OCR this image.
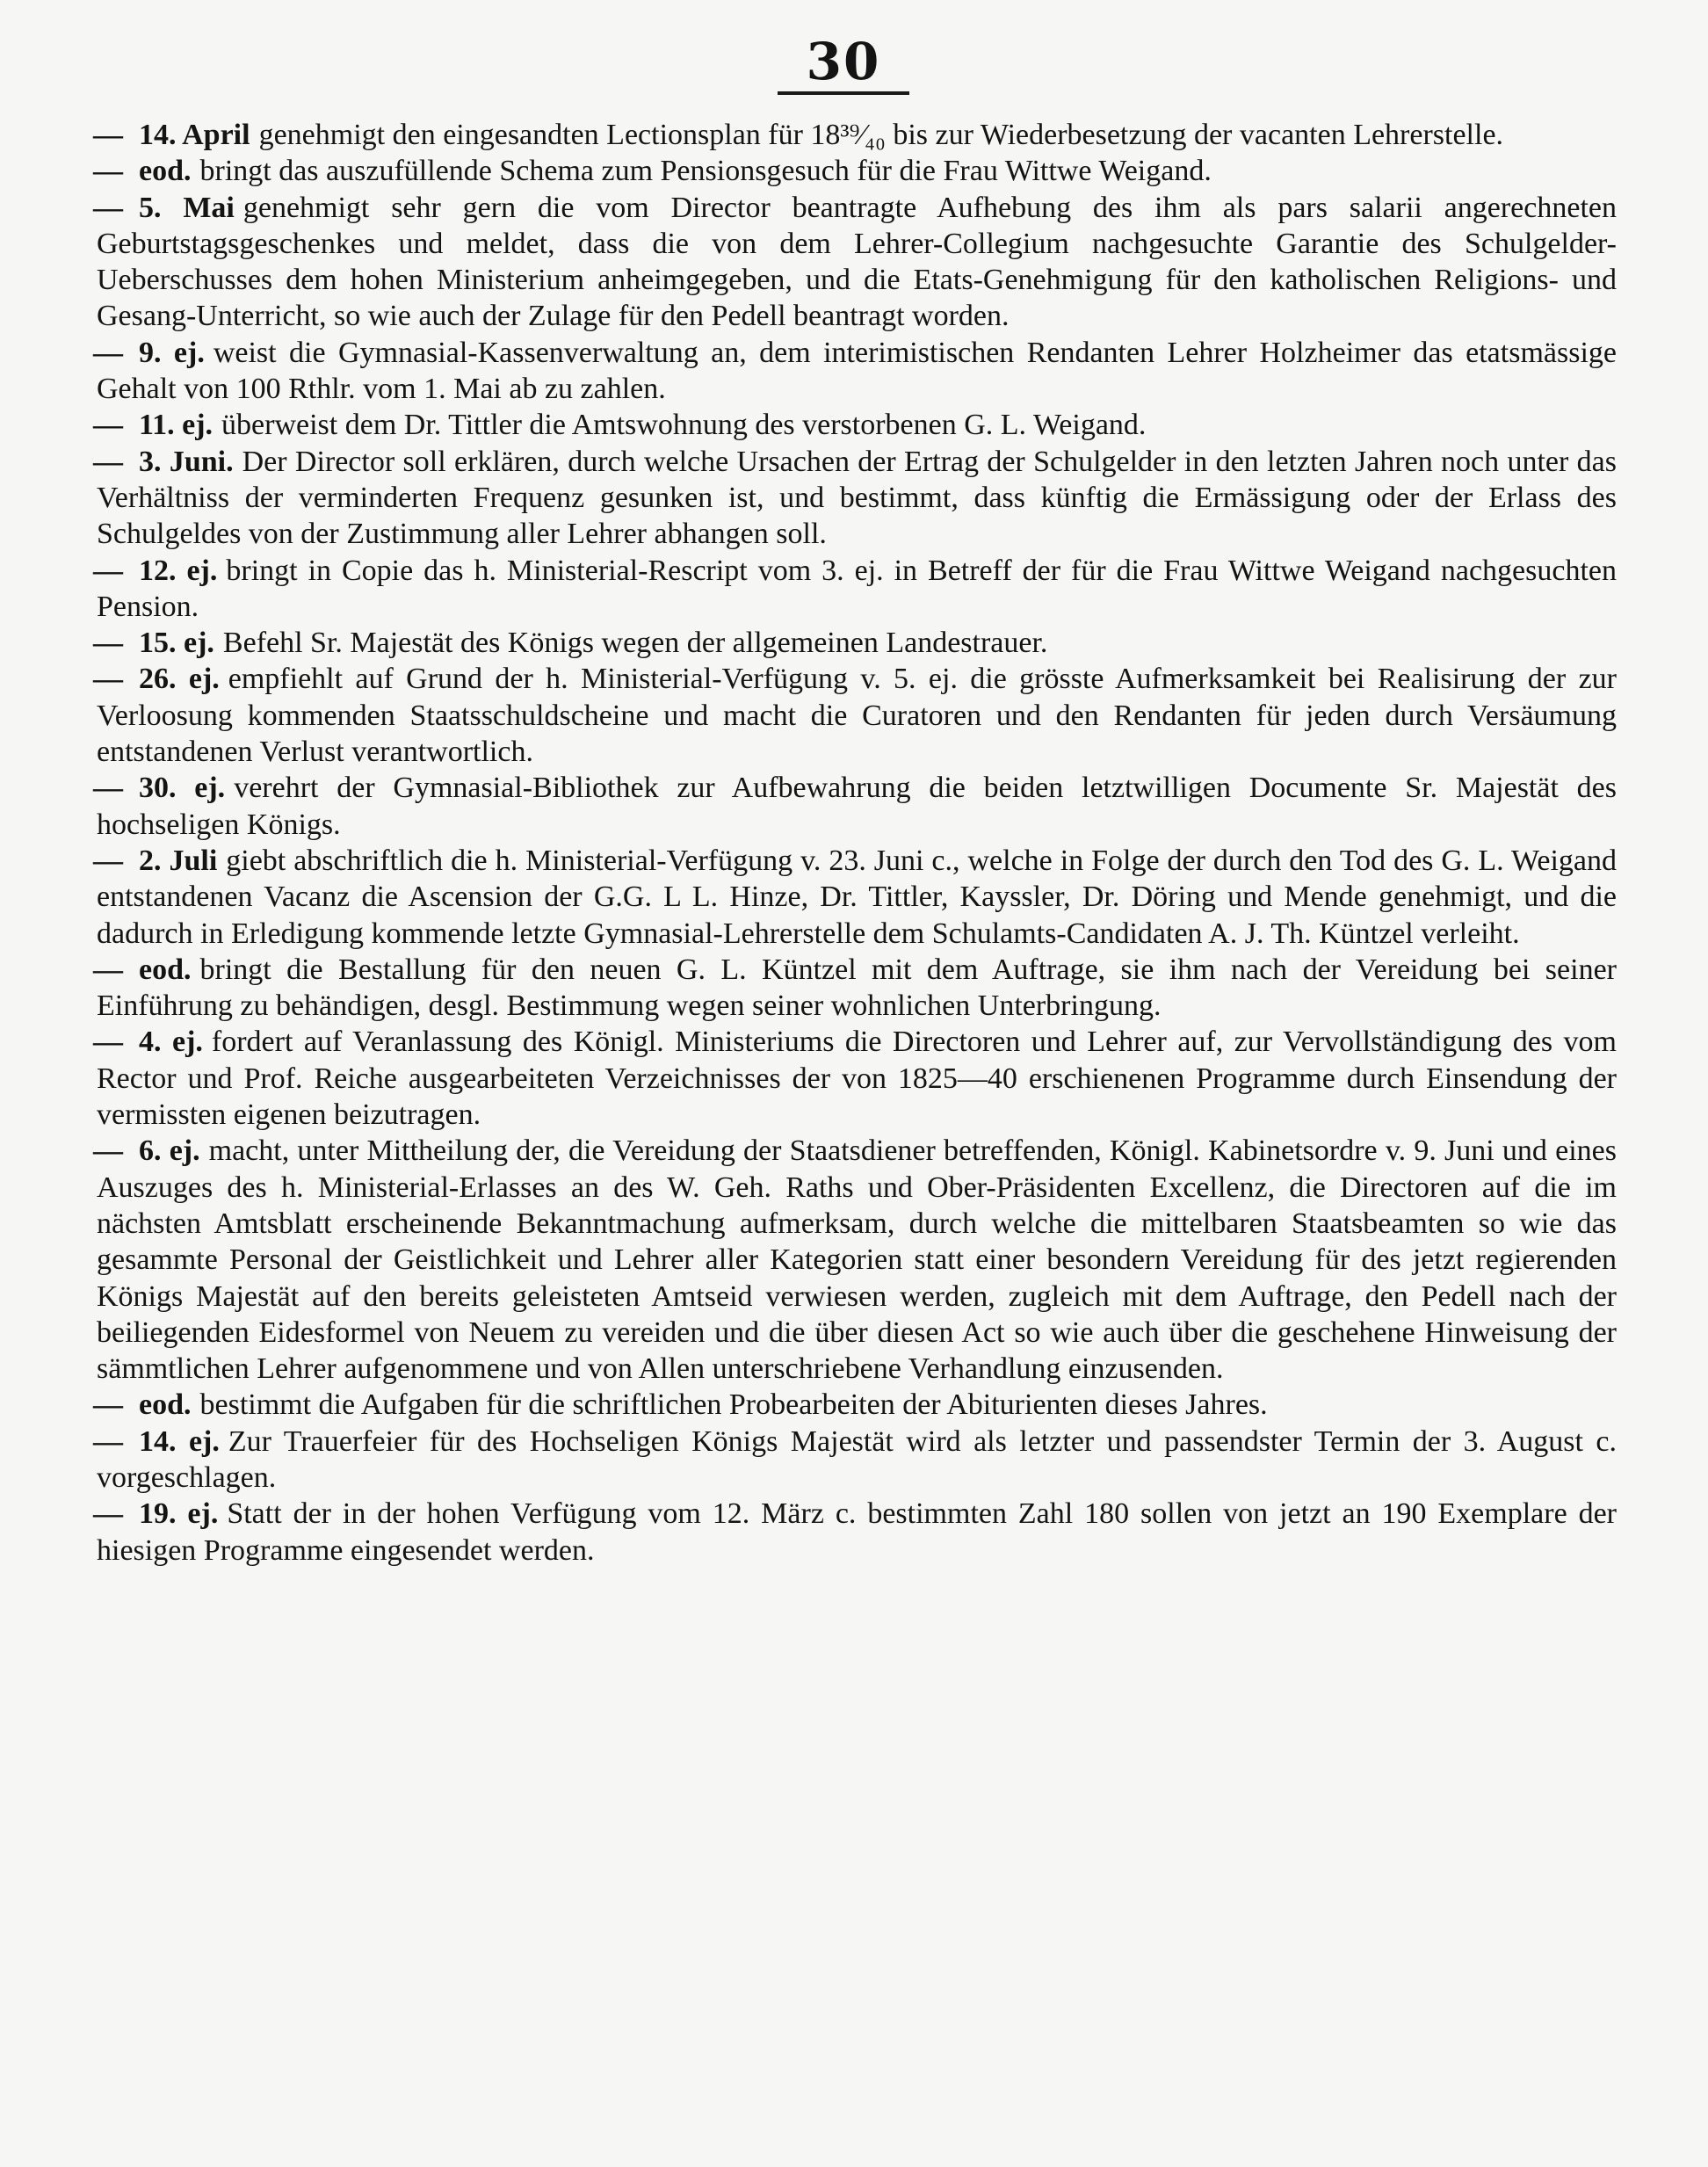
30

— 14. April genehmigt den eingesandten Lectionsplan für 18³⁹⁄₄₀ bis zur Wiederbesetzung der vacanten Lehrerstelle.

— eod. bringt das auszufüllende Schema zum Pensionsgesuch für die Frau Wittwe Weigand.

— 5. Mai genehmigt sehr gern die vom Director beantragte Aufhebung des ihm als pars salarii angerechneten Geburtstagsgeschenkes und meldet, dass die von dem Lehrer-Collegium nachgesuchte Garantie des Schulgelder-Ueberschusses dem hohen Ministerium anheimgegeben, und die Etats-Genehmigung für den katholischen Religions- und Gesang-Unterricht, so wie auch der Zulage für den Pedell beantragt worden.

— 9. ej. weist die Gymnasial-Kassenverwaltung an, dem interimistischen Rendanten Lehrer Holzheimer das etatsmässige Gehalt von 100 Rthlr. vom 1. Mai ab zu zahlen.

— 11. ej. überweist dem Dr. Tittler die Amtswohnung des verstorbenen G. L. Weigand.

— 3. Juni. Der Director soll erklären, durch welche Ursachen der Ertrag der Schulgelder in den letzten Jahren noch unter das Verhältniss der verminderten Frequenz gesunken ist, und bestimmt, dass künftig die Ermässigung oder der Erlass des Schulgeldes von der Zustimmung aller Lehrer abhangen soll.

— 12. ej. bringt in Copie das h. Ministerial-Rescript vom 3. ej. in Betreff der für die Frau Wittwe Weigand nachgesuchten Pension.

— 15. ej. Befehl Sr. Majestät des Königs wegen der allgemeinen Landestrauer.

— 26. ej. empfiehlt auf Grund der h. Ministerial-Verfügung v. 5. ej. die grösste Aufmerksamkeit bei Realisirung der zur Verloosung kommenden Staatsschuldscheine und macht die Curatoren und den Rendanten für jeden durch Versäumung entstandenen Verlust verantwortlich.

— 30. ej. verehrt der Gymnasial-Bibliothek zur Aufbewahrung die beiden letztwilligen Documente Sr. Majestät des hochseligen Königs.

— 2. Juli giebt abschriftlich die h. Ministerial-Verfügung v. 23. Juni c., welche in Folge der durch den Tod des G. L. Weigand entstandenen Vacanz die Ascension der G.G. L L. Hinze, Dr. Tittler, Kayssler, Dr. Döring und Mende genehmigt, und die dadurch in Erledigung kommende letzte Gymnasial-Lehrerstelle dem Schulamts-Candidaten A. J. Th. Küntzel verleiht.

— eod. bringt die Bestallung für den neuen G. L. Küntzel mit dem Auftrage, sie ihm nach der Vereidung bei seiner Einführung zu behändigen, desgl. Bestimmung wegen seiner wohnlichen Unterbringung.

— 4. ej. fordert auf Veranlassung des Königl. Ministeriums die Directoren und Lehrer auf, zur Vervollständigung des vom Rector und Prof. Reiche ausgearbeiteten Verzeichnisses der von 1825—40 erschienenen Programme durch Einsendung der vermissten eigenen beizutragen.

— 6. ej. macht, unter Mittheilung der, die Vereidung der Staatsdiener betreffenden, Königl. Kabinetsordre v. 9. Juni und eines Auszuges des h. Ministerial-Erlasses an des W. Geh. Raths und Ober-Präsidenten Excellenz, die Directoren auf die im nächsten Amtsblatt erscheinende Bekanntmachung aufmerksam, durch welche die mittelbaren Staatsbeamten so wie das gesammte Personal der Geistlichkeit und Lehrer aller Kategorien statt einer besondern Vereidung für des jetzt regierenden Königs Majestät auf den bereits geleisteten Amtseid verwiesen werden, zugleich mit dem Auftrage, den Pedell nach der beiliegenden Eidesformel von Neuem zu vereiden und die über diesen Act so wie auch über die geschehene Hinweisung der sämmtlichen Lehrer aufgenommene und von Allen unterschriebene Verhandlung einzusenden.

— eod. bestimmt die Aufgaben für die schriftlichen Probearbeiten der Abiturienten dieses Jahres.

— 14. ej. Zur Trauerfeier für des Hochseligen Königs Majestät wird als letzter und passendster Termin der 3. August c. vorgeschlagen.

— 19. ej. Statt der in der hohen Verfügung vom 12. März c. bestimmten Zahl 180 sollen von jetzt an 190 Exemplare der hiesigen Programme eingesendet werden.
